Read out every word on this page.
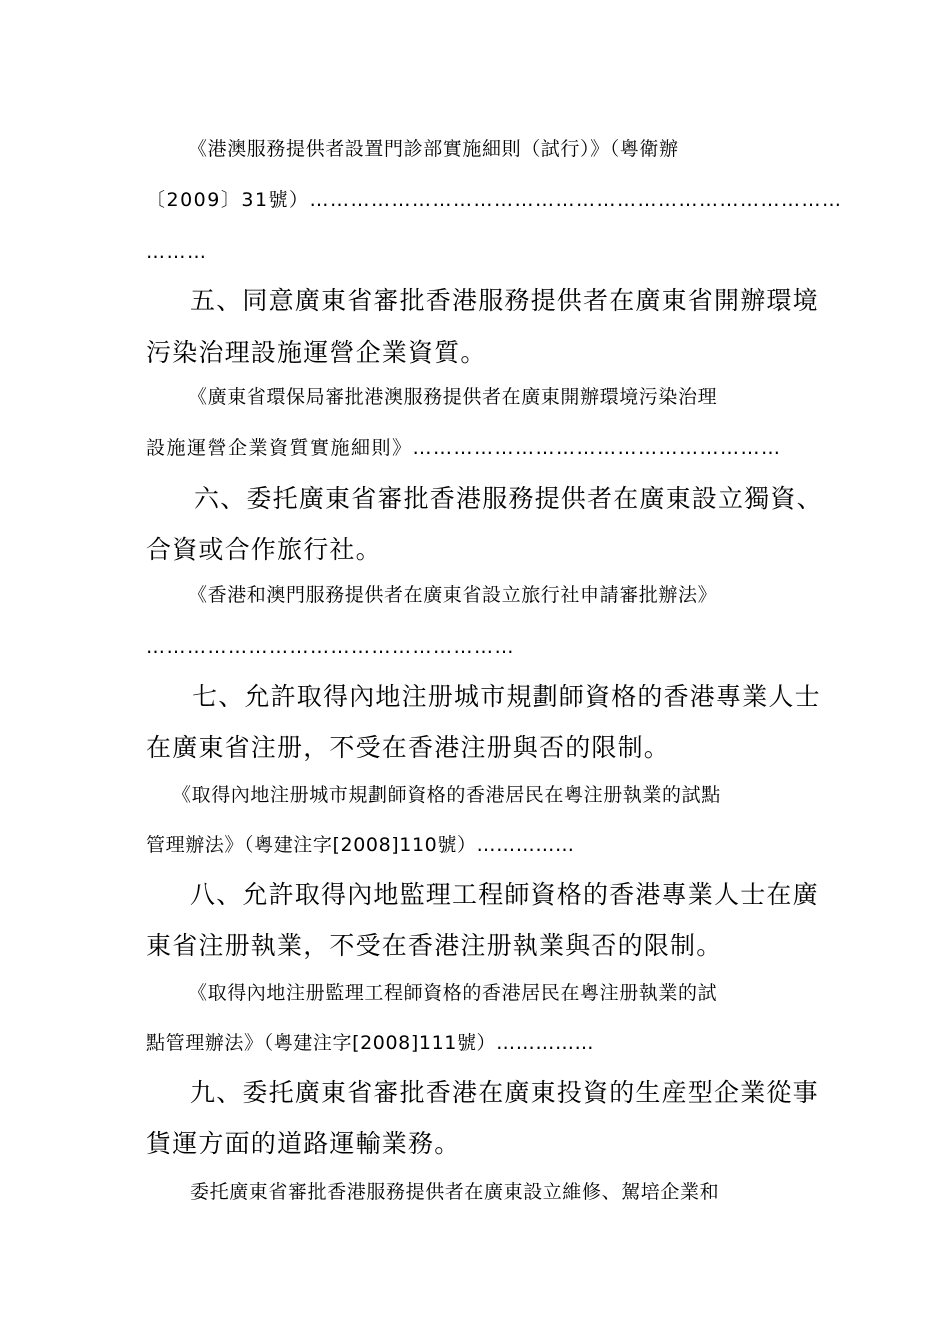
《港澳服務提供者設置門診部實施細則（試行）》（粵衛辦
〔2009〕31號）……………………………………………………………………
………
五、同意廣東省審批香港服務提供者在廣東省開辦環境
污染治理設施運營企業資質。
《廣東省環保局審批港澳服務提供者在廣東開辦環境污染治理
設施運營企業資質實施細則》………………………………………………
六、委托廣東省審批香港服務提供者在廣東設立獨資、
合資或合作旅行社。
《香港和澳門服務提供者在廣東省設立旅行社申請審批辦法》
………………………………………………
七、允許取得內地注册城市規劃師資格的香港專業人士
在廣東省注册，不受在香港注册與否的限制。
《取得內地注册城市規劃師資格的香港居民在粵注册執業的試點
管理辦法》（粵建注字[2008]110號）……………
八、允許取得內地監理工程師資格的香港專業人士在廣
東省注册執業，不受在香港注册執業與否的限制。
《取得內地注册監理工程師資格的香港居民在粵注册執業的試
點管理辦法》（粵建注字[2008]111號）……………
九、委托廣東省審批香港在廣東投資的生産型企業從事
貨運方面的道路運輸業務。
委托廣東省審批香港服務提供者在廣東設立維修、駕培企業和
